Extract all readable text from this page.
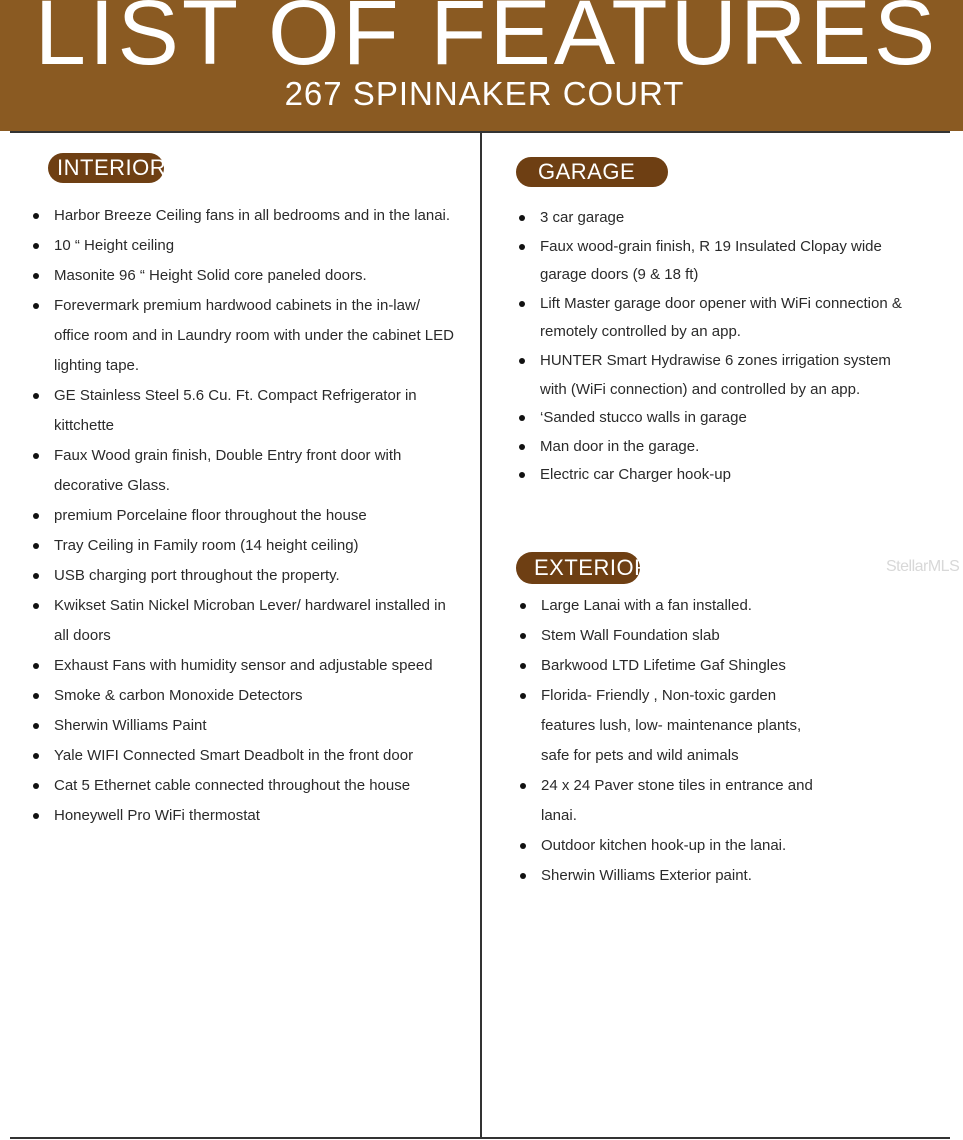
LIST OF FEATURES
267 SPINNAKER COURT
INTERIOR
Harbor Breeze Ceiling fans in all bedrooms and in the lanai.
10 “ Height ceiling
Masonite 96 “ Height Solid core paneled doors.
Forevermark premium hardwood cabinets in the in-law/ office room and in Laundry room with under the cabinet LED lighting tape.
GE Stainless Steel 5.6 Cu. Ft. Compact Refrigerator in kittchette
Faux Wood grain finish, Double Entry front door with decorative Glass.
premium Porcelaine floor throughout the house
Tray Ceiling in Family room (14 height ceiling)
USB charging port throughout the property.
Kwikset Satin Nickel Microban Lever/ hardwarel installed in all doors
Exhaust Fans with humidity sensor and adjustable speed
Smoke & carbon Monoxide Detectors
Sherwin Williams Paint
Yale WIFI Connected Smart Deadbolt in the front door
Cat 5 Ethernet cable connected throughout the house
Honeywell Pro WiFi thermostat
GARAGE
3 car garage
Faux wood-grain finish, R 19 Insulated Clopay wide garage doors (9 & 18 ft)
Lift Master garage door opener with WiFi connection & remotely controlled by an app.
HUNTER Smart Hydrawise 6 zones irrigation system with (WiFi connection) and controlled by an app.
‘Sanded stucco walls in garage
Man door in the garage.
Electric car Charger hook-up
StellarMLS
EXTERIOR
Large Lanai with a fan installed.
Stem Wall Foundation slab
Barkwood LTD Lifetime Gaf Shingles
Florida- Friendly , Non-toxic garden features lush, low- maintenance plants, safe for pets and wild animals
24 x 24 Paver stone tiles in entrance and lanai.
Outdoor kitchen hook-up in the lanai.
Sherwin Williams Exterior paint.
